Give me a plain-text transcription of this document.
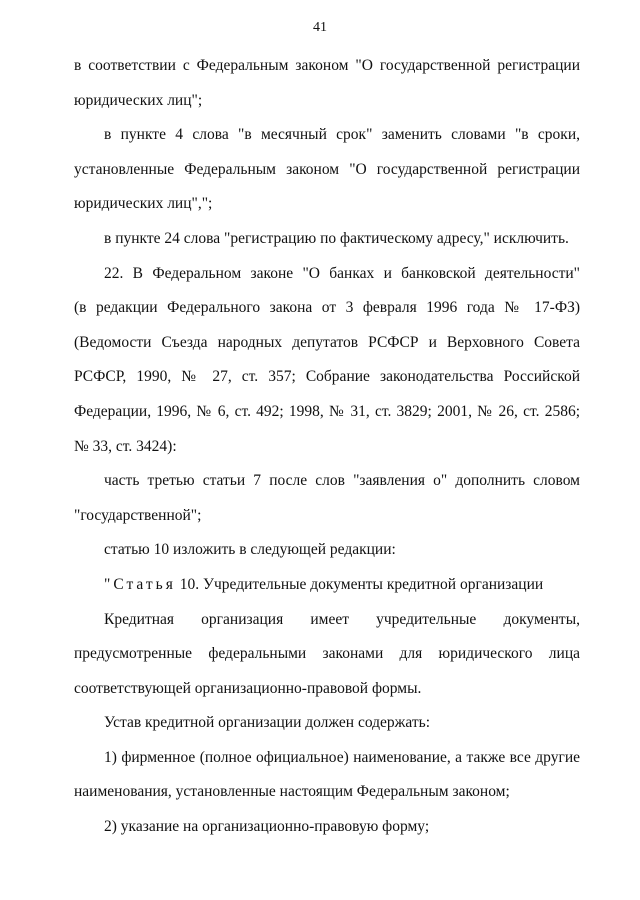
41
в соответствии с Федеральным законом "О государственной регистрации
юридических лиц";
в пункте 4 слова "в месячный срок" заменить словами "в сроки,
установленные Федеральным законом "О государственной регистрации
юридических лиц",";
в пункте 24 слова "регистрацию по фактическому адресу," исключить.
22. В Федеральном законе "О банках и банковской деятельности"
(в редакции Федерального закона от 3 февраля 1996 года № 17-ФЗ)
(Ведомости Съезда народных депутатов РСФСР и Верховного Совета
РСФСР, 1990, № 27, ст. 357; Собрание законодательства Российской
Федерации, 1996, № 6, ст. 492; 1998, № 31, ст. 3829; 2001, № 26, ст. 2586;
№ 33, ст. 3424):
часть третью статьи 7 после слов "заявления о" дополнить словом
"государственной";
статью 10 изложить в следующей редакции:
"Статья 10. Учредительные документы кредитной организации
Кредитная организация имеет учредительные документы,
предусмотренные федеральными законами для юридического лица
соответствующей организационно-правовой формы.
Устав кредитной организации должен содержать:
1) фирменное (полное официальное) наименование, а также все другие
наименования, установленные настоящим Федеральным законом;
2) указание на организационно-правовую форму;
